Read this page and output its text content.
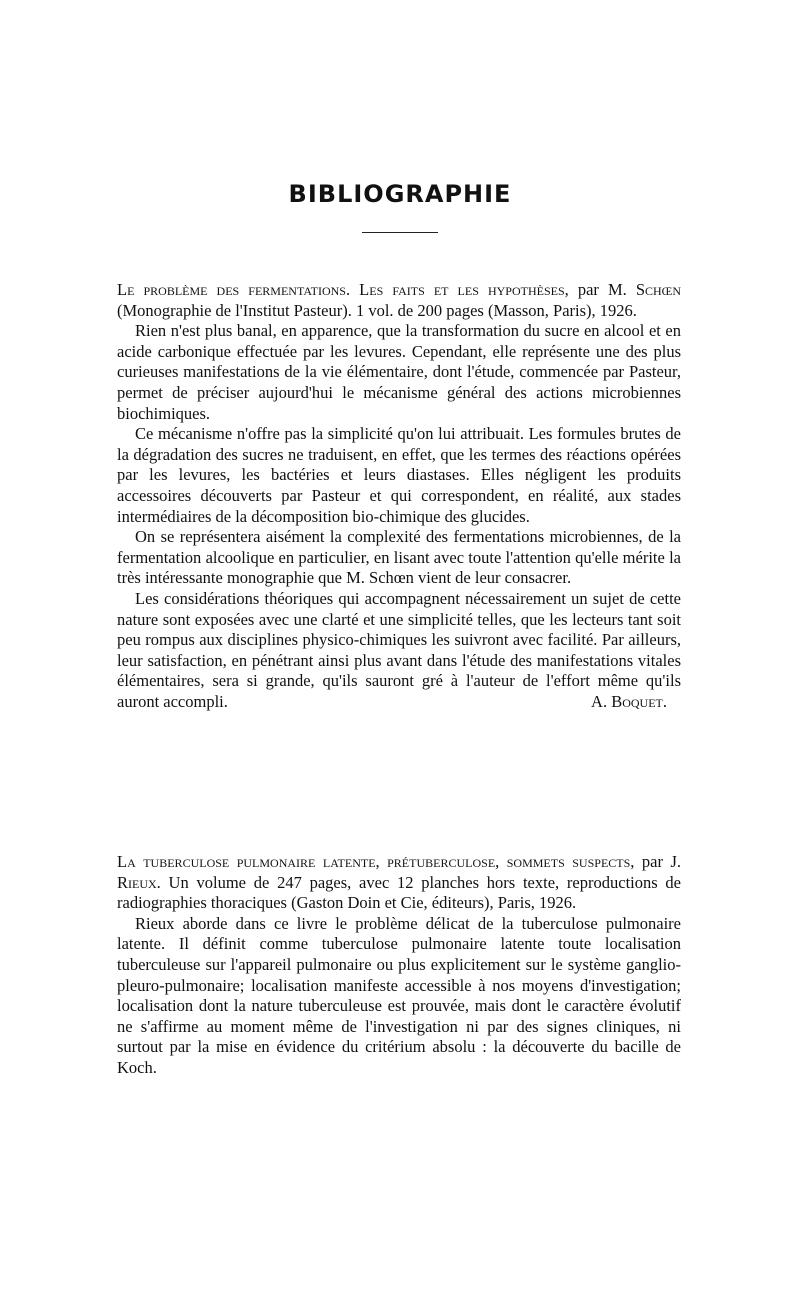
BIBLIOGRAPHIE

Le problème des fermentations. Les faits et les hypothèses, par M. Schœn (Monographie de l'Institut Pasteur). 1 vol. de 200 pages (Masson, Paris), 1926.

Rien n'est plus banal, en apparence, que la transformation du sucre en alcool et en acide carbonique effectuée par les levures. Cependant, elle représente une des plus curieuses manifestations de la vie élémentaire, dont l'étude, commencée par Pasteur, permet de préciser aujourd'hui le mécanisme général des actions microbiennes biochimiques.

Ce mécanisme n'offre pas la simplicité qu'on lui attribuait. Les formules brutes de la dégradation des sucres ne traduisent, en effet, que les termes des réactions opérées par les levures, les bactéries et leurs diastases. Elles négligent les produits accessoires découverts par Pasteur et qui correspondent, en réalité, aux stades intermédiaires de la décomposition bio-chimique des glucides.

On se représentera aisément la complexité des fermentations microbiennes, de la fermentation alcoolique en particulier, en lisant avec toute l'attention qu'elle mérite la très intéressante monographie que M. Schœn vient de leur consacrer.

Les considérations théoriques qui accompagnent nécessairement un sujet de cette nature sont exposées avec une clarté et une simplicité telles, que les lecteurs tant soit peu rompus aux disciplines physico-chimiques les suivront avec facilité. Par ailleurs, leur satisfaction, en pénétrant ainsi plus avant dans l'étude des manifestations vitales élémentaires, sera si grande, qu'ils sauront gré à l'auteur de l'effort même qu'ils auront accompli.	A. Boquet.

La tuberculose pulmonaire latente, prétuberculose, sommets suspects, par J. Rieux. Un volume de 247 pages, avec 12 planches hors texte, reproductions de radiographies thoraciques (Gaston Doin et Cie, éditeurs), Paris, 1926.

Rieux aborde dans ce livre le problème délicat de la tuberculose pulmonaire latente. Il définit comme tuberculose pulmonaire latente toute localisation tuberculeuse sur l'appareil pulmonaire ou plus explicitement sur le système ganglio-pleuro-pulmonaire; localisation manifeste accessible à nos moyens d'investigation; localisation dont la nature tuberculeuse est prouvée, mais dont le caractère évolutif ne s'affirme au moment même de l'investigation ni par des signes cliniques, ni surtout par la mise en évidence du critérium absolu : la découverte du bacille de Koch.
